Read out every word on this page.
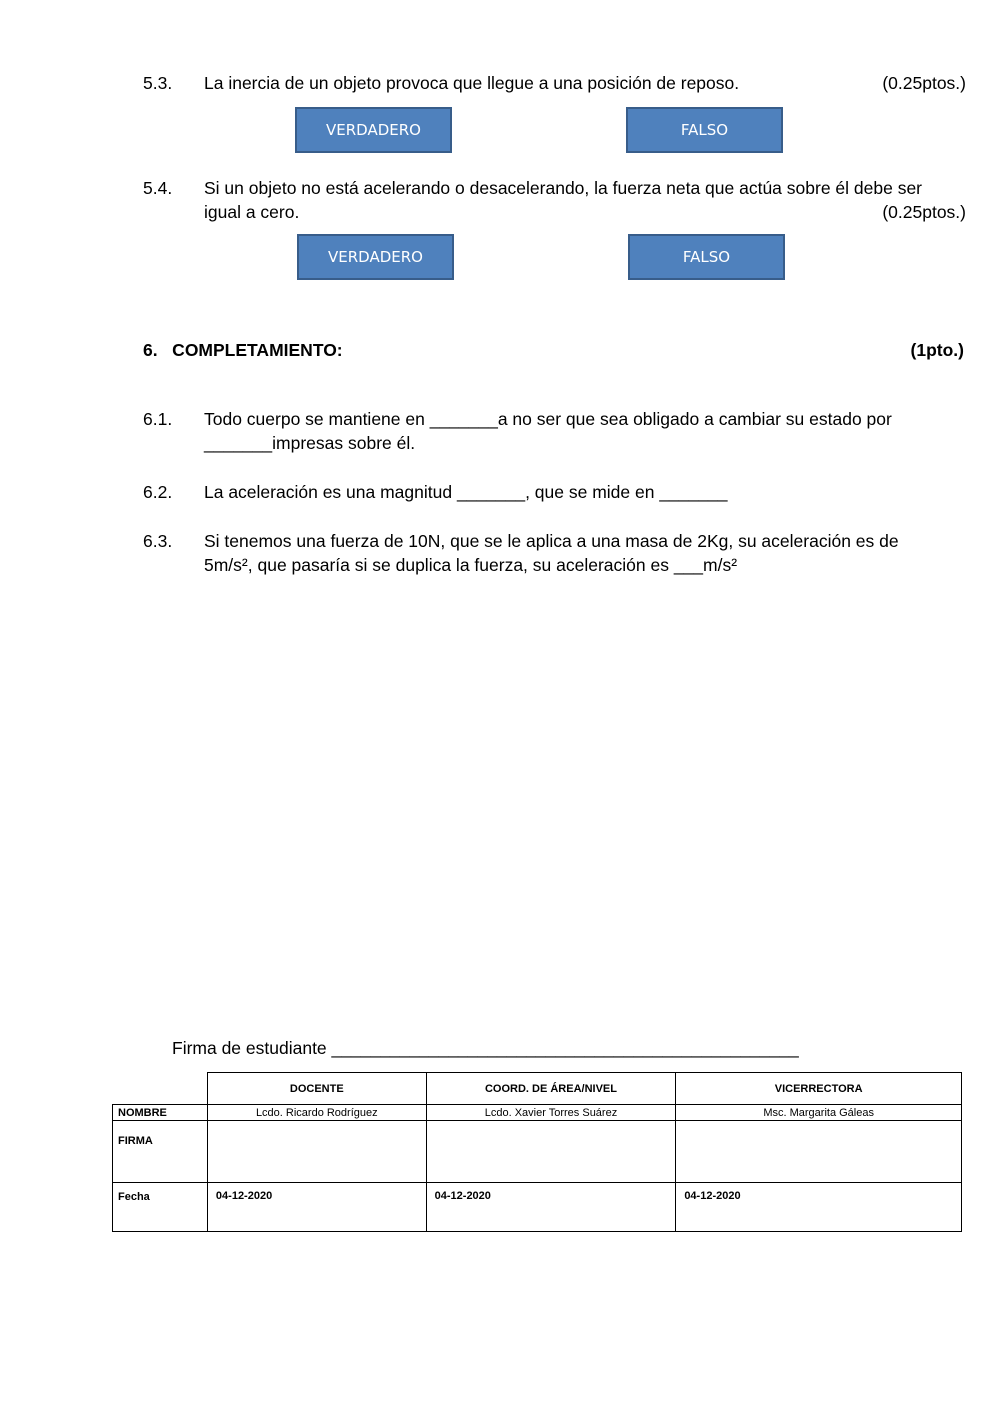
5.3. La inercia de un objeto provoca que llegue a una posición de reposo.	(0.25ptos.)
VERDADERO	FALSO
5.4. Si un objeto no está acelerando o desacelerando, la fuerza neta que actúa sobre él debe ser
igual a cero.	(0.25ptos.)
VERDADERO	FALSO
6.   COMPLETAMIENTO:	(1pto.)
6.1. Todo cuerpo se mantiene en _______a no ser que sea obligado a cambiar su estado por
_______impresas sobre él.
6.2. La aceleración es una magnitud _______, que se mide en _______
6.3. Si tenemos una fuerza de 10N, que se le aplica a una masa de 2Kg, su aceleración es de
5m/s², que pasaría si se duplica la fuerza, su aceleración es ___m/s²
Firma de estudiante ________________________________________________
	DOCENTE	COORD. DE ÁREA/NIVEL	VICERRECTORA
NOMBRE	Lcdo. Ricardo Rodríguez	Lcdo. Xavier Torres Suárez	Msc. Margarita Gáleas
FIRMA			
Fecha	04-12-2020	04-12-2020	04-12-2020
